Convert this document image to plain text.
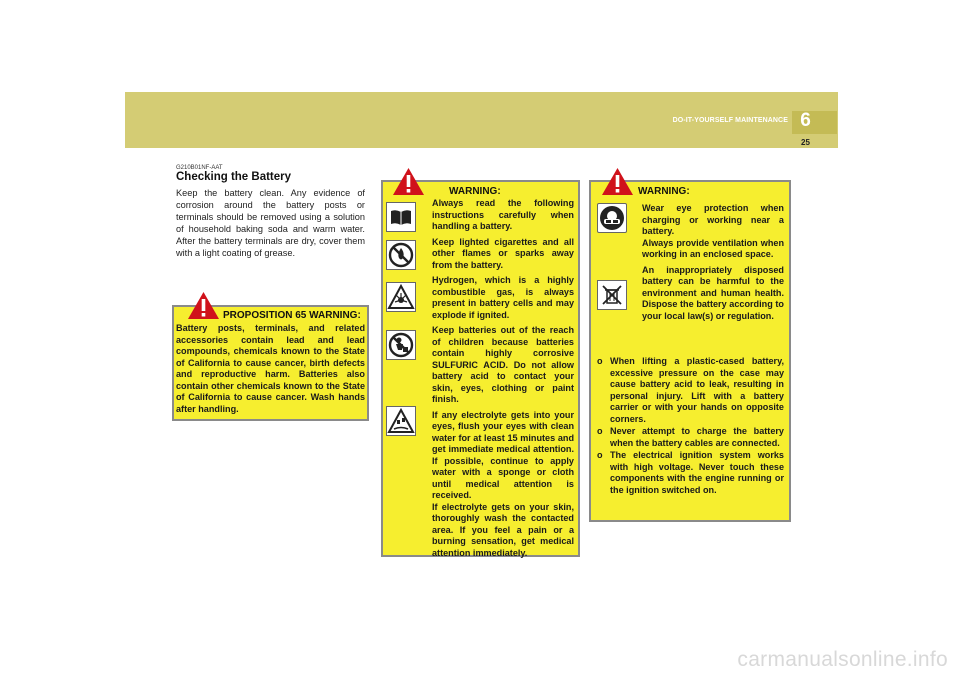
6
DO-IT-YOURSELF MAINTENANCE
25
G210B01NF-AAT
Checking the Battery
Keep the battery clean. Any evidence of corrosion around the battery posts or terminals should be removed using a solution of household baking soda and warm water. After the battery terminals are dry, cover them with a light coating of grease.
PROPOSITION 65 WARNING:
Battery posts, terminals, and related accessories contain lead and lead compounds, chemicals known to the State of California to cause cancer, birth defects and reproductive harm. Batteries also contain other chemicals known to the State of California to cause cancer. Wash hands after handling.
WARNING:

Always read the following instructions carefully when handling a battery.

Keep lighted cigarettes and all other flames or sparks away from the battery.

Hydrogen, which is a highly combustible gas, is always present in battery cells and may explode if ignited.

Keep batteries out of the reach of children because batteries contain highly corrosive SULFURIC ACID. Do not allow battery acid to contact your skin, eyes, clothing or paint finish.

If any electrolyte gets into your eyes, flush your eyes with clean water for at least 15 minutes and get immediate medical attention. If possible, continue to apply water with a sponge or cloth until medical attention is received.

If electrolyte gets on your skin, thoroughly wash the contacted area. If you feel a pain or a burning sensation, get medical attention immediately.

WARNING:

Wear eye protection when charging or working near a battery.

Always provide ventilation when working in an enclosed space.

An inappropriately disposed battery can be harmful to the environment and human health. Dispose the battery according to your local law(s) or regulation.

o When lifting a plastic-cased battery, excessive pressure on the case may cause battery acid to leak, resulting in personal injury. Lift with a battery carrier or with your hands on opposite corners.
o Never attempt to charge the battery when the battery cables are connected.
o The electrical ignition system works with high voltage. Never touch these components with the engine running or the ignition switched on.
carmanualsonline.info
